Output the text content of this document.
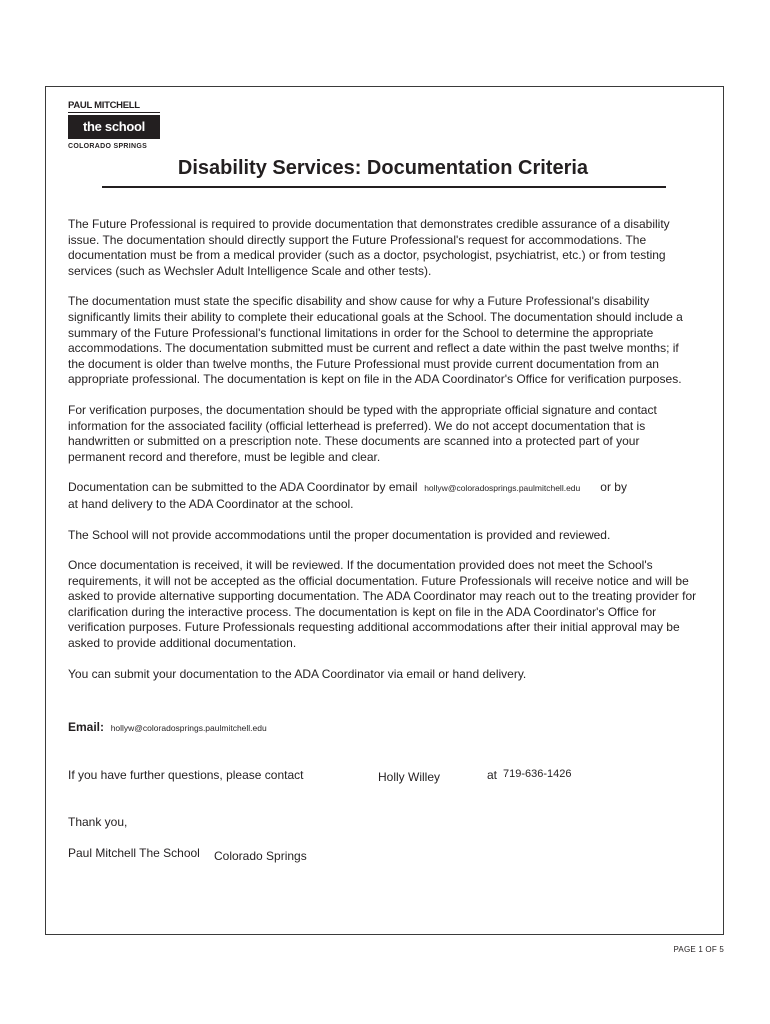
PAUL MITCHELL
the school
COLORADO SPRINGS
Disability Services: Documentation Criteria

The Future Professional is required to provide documentation that demonstrates credible assurance of a disability issue. The documentation should directly support the Future Professional's request for accommodations. The documentation must be from a medical provider (such as a doctor, psychologist, psychiatrist, etc.) or from testing services (such as Wechsler Adult Intelligence Scale and other tests).

The documentation must state the specific disability and show cause for why a Future Professional's disability significantly limits their ability to complete their educational goals at the School. The documentation should include a summary of the Future Professional's functional limitations in order for the School to determine the appropriate accommodations. The documentation submitted must be current and reflect a date within the past twelve months; if the document is older than twelve months, the Future Professional must provide current documentation from an appropriate professional. The documentation is kept on file in the ADA Coordinator's Office for verification purposes.

For verification purposes, the documentation should be typed with the appropriate official signature and contact information for the associated facility (official letterhead is preferred). We do not accept documentation that is handwritten or submitted on a prescription note. These documents are scanned into a protected part of your permanent record and therefore, must be legible and clear.

Documentation can be submitted to the ADA Coordinator by email hollyw@coloradosprings.paulmitchell.edu or by
at hand delivery to the ADA Coordinator at the school.

The School will not provide accommodations until the proper documentation is provided and reviewed.

Once documentation is received, it will be reviewed. If the documentation provided does not meet the School's requirements, it will not be accepted as the official documentation. Future Professionals will receive notice and will be asked to provide alternative supporting documentation. The ADA Coordinator may reach out to the treating provider for clarification during the interactive process. The documentation is kept on file in the ADA Coordinator's Office for verification purposes. Future Professionals requesting additional accommodations after their initial approval may be asked to provide additional documentation.

You can submit your documentation to the ADA Coordinator via email or hand delivery.

Email: hollyw@coloradosprings.paulmitchell.edu
If you have further questions, please contact	Holly Willey	at 719-636-1426
Thank you,
Paul Mitchell The School Colorado Springs
PAGE 1 OF 5
